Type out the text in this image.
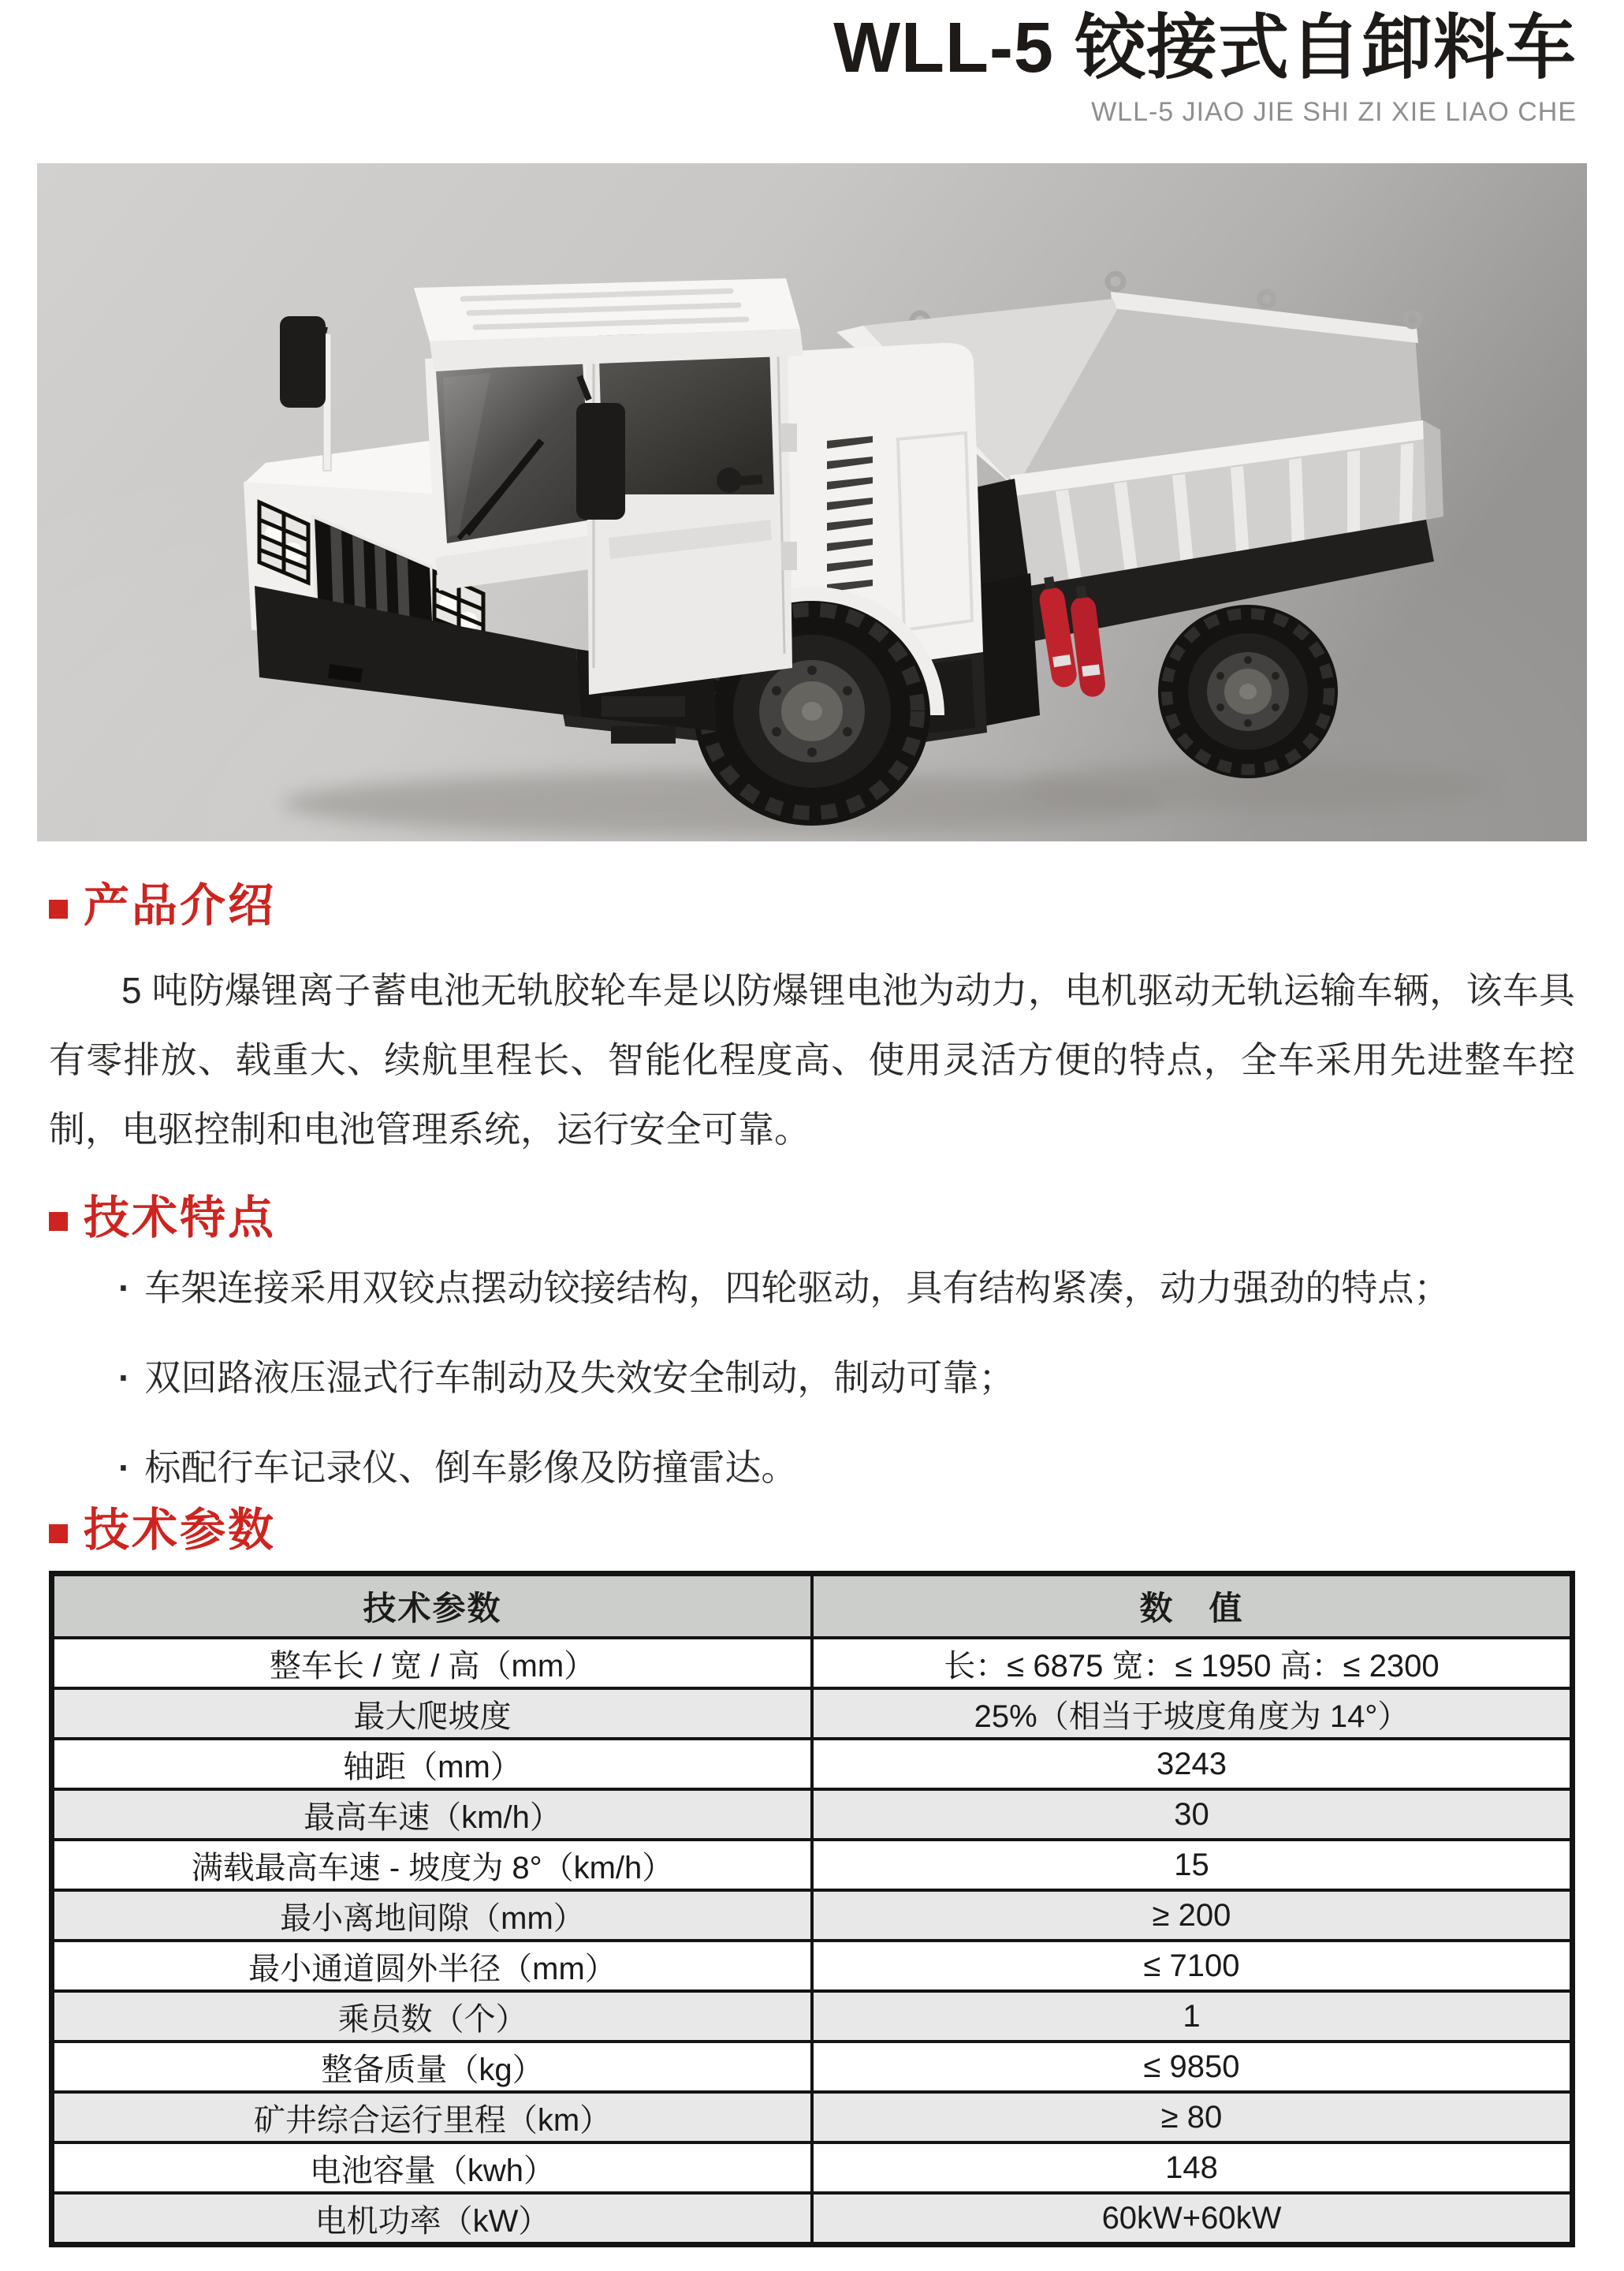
WLL-5 铰接式自卸料车
WLL-5 JIAO JIE SHI ZI XIE LIAO CHE
产品介绍

5 吨防爆锂离子蓄电池无轨胶轮车是以防爆锂电池为动力，电机驱动无轨运输车辆，该车具有零排放、载重大、续航里程长、智能化程度高、使用灵活方便的特点，全车采用先进整车控制，电驱控制和电池管理系统，运行安全可靠。

技术特点
· 车架连接采用双铰点摆动铰接结构，四轮驱动，具有结构紧凑，动力强劲的特点；
· 双回路液压湿式行车制动及失效安全制动，制动可靠；
· 标配行车记录仪、倒车影像及防撞雷达。
技术参数
技术参数	数　值
整车长 / 宽 / 高（mm）	长：≤ 6875 宽：≤ 1950 高：≤ 2300
最大爬坡度	25%（相当于坡度角度为 14°）
轴距（mm）	3243
最高车速（km/h）	30
满载最高车速 - 坡度为 8°（km/h）	15
最小离地间隙（mm）	≥ 200
最小通道圆外半径（mm）	≤ 7100
乘员数（个）	1
整备质量（kg）	≤ 9850
矿井综合运行里程（km）	≥ 80
电池容量（kwh）	148
电机功率（kW）	60kW+60kW
